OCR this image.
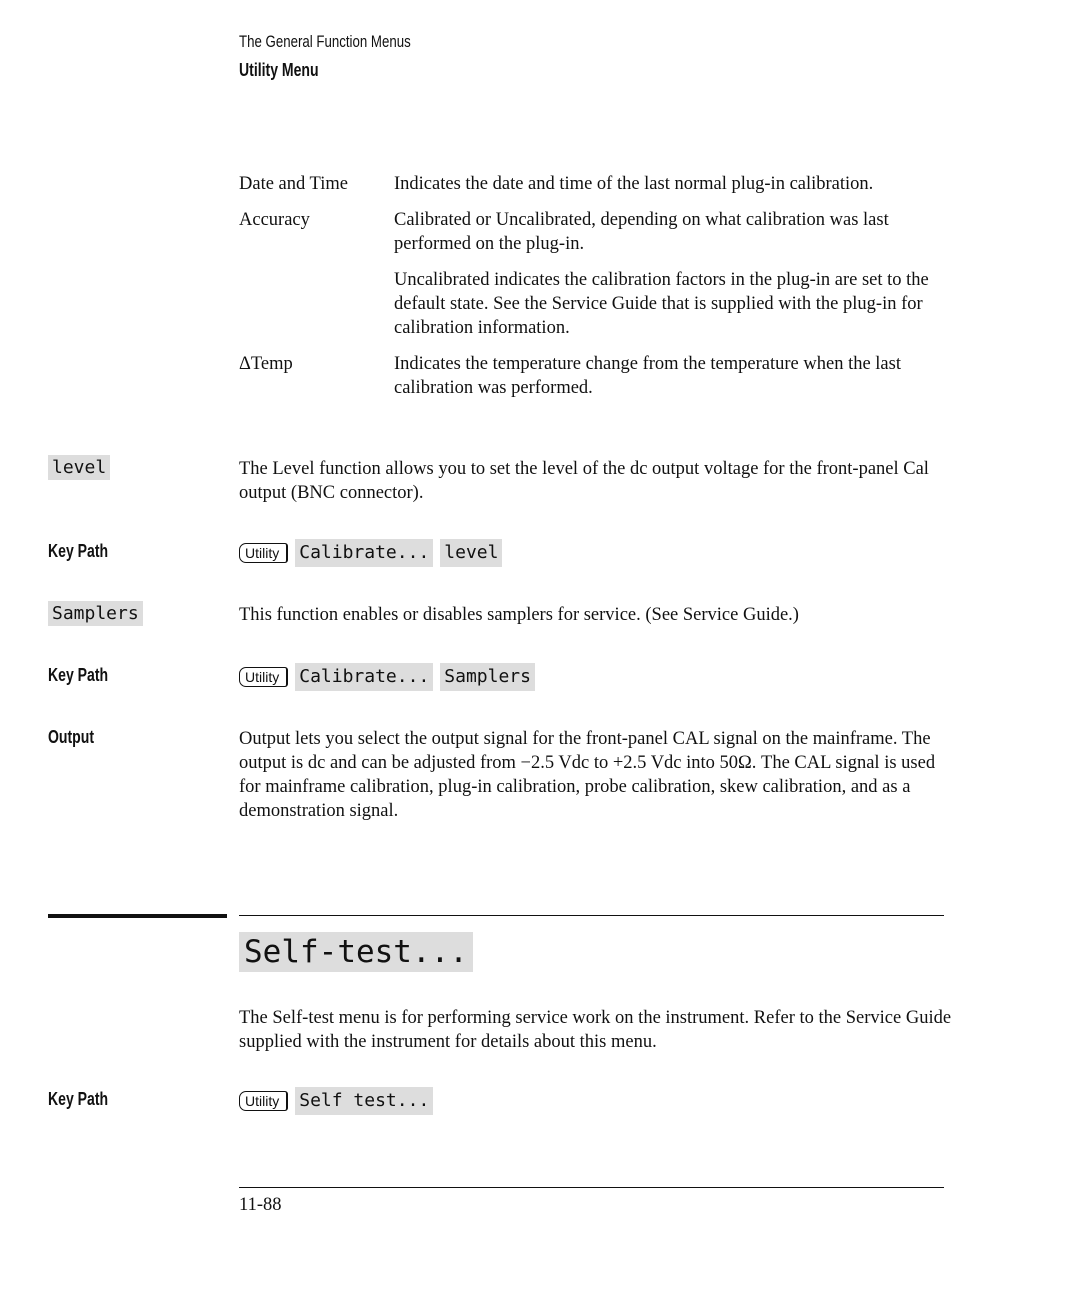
The General Function Menus
Utility Menu
Date and Time	Indicates the date and time of the last normal plug-in calibration.

Accuracy	Calibrated or Uncalibrated, depending on what calibration was last performed on the plug-in.

Uncalibrated indicates the calibration factors in the plug-in are set to the default state. See the Service Guide that is supplied with the plug-in for calibration information.

ΔTemp	Indicates the temperature change from the temperature when the last calibration was performed.

level	The Level function allows you to set the level of the dc output voltage for the front-panel Cal output (BNC connector).

Key Path	Utility	Calibrate... level
Samplers	This function enables or disables samplers for service. (See Service Guide.)

Key Path	Utility	Calibrate... Samplers
Output	Output lets you select the output signal for the front-panel CAL signal on the mainframe. The output is dc and can be adjusted from −2.5 Vdc to +2.5 Vdc into 50Ω. The CAL signal is used for mainframe calibration, plug-in calibration, probe calibration, skew calibration, and as a demonstration signal.

Self-test...

The Self-test menu is for performing service work on the instrument. Refer to the Service Guide supplied with the instrument for details about this menu.

Key Path	Utility	Self test...
11-88
